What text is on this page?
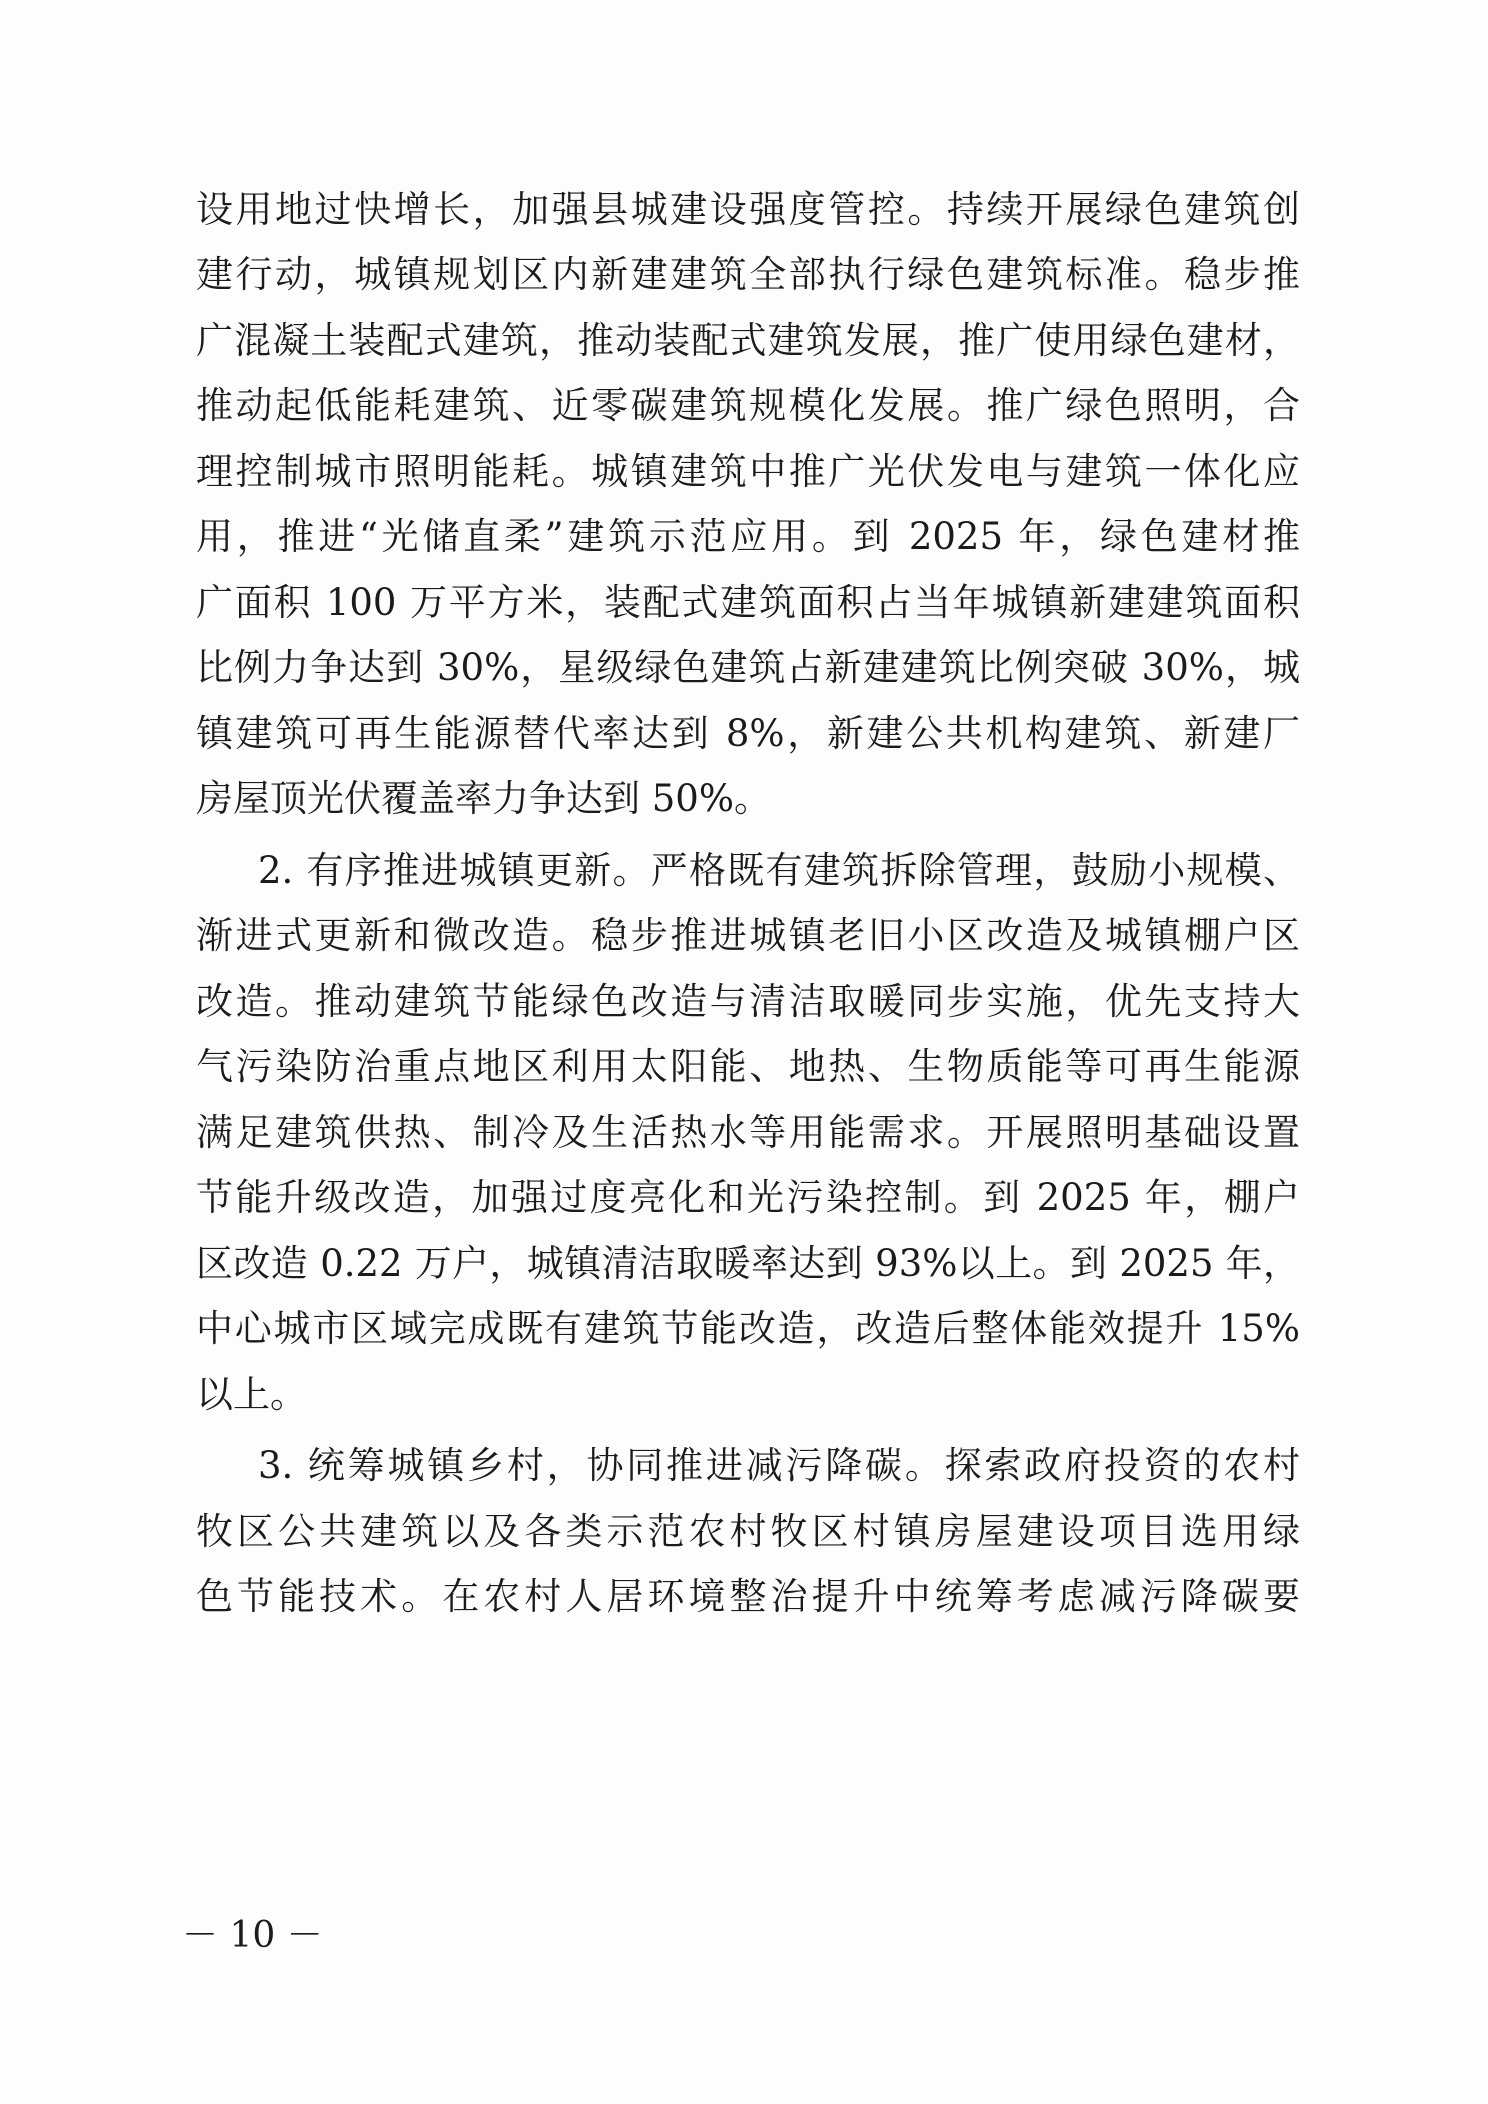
设用地过快增长，加强县城建设强度管控。持续开展绿色建筑创
建行动，城镇规划区内新建建筑全部执行绿色建筑标准。稳步推
广混凝土装配式建筑，推动装配式建筑发展，推广使用绿色建材，
推动起低能耗建筑、近零碳建筑规模化发展。推广绿色照明，合
理控制城市照明能耗。城镇建筑中推广光伏发电与建筑一体化应
用，推进“光储直柔”建筑示范应用。到 2025 年，绿色建材推
广面积 100 万平方米，装配式建筑面积占当年城镇新建建筑面积
比例力争达到 30%，星级绿色建筑占新建建筑比例突破 30%，城
镇建筑可再生能源替代率达到 8%，新建公共机构建筑、新建厂
房屋顶光伏覆盖率力争达到 50%。
2. 有序推进城镇更新。严格既有建筑拆除管理，鼓励小规模、
渐进式更新和微改造。稳步推进城镇老旧小区改造及城镇棚户区
改造。推动建筑节能绿色改造与清洁取暖同步实施，优先支持大
气污染防治重点地区利用太阳能、地热、生物质能等可再生能源
满足建筑供热、制冷及生活热水等用能需求。开展照明基础设置
节能升级改造，加强过度亮化和光污染控制。到 2025 年，棚户
区改造 0.22 万户，城镇清洁取暖率达到 93%以上。到 2025 年，
中心城市区域完成既有建筑节能改造，改造后整体能效提升 15%
以上。
3. 统筹城镇乡村，协同推进减污降碳。探索政府投资的农村
牧区公共建筑以及各类示范农村牧区村镇房屋建设项目选用绿
色节能技术。在农村人居环境整治提升中统筹考虑减污降碳要
－ 10 －
